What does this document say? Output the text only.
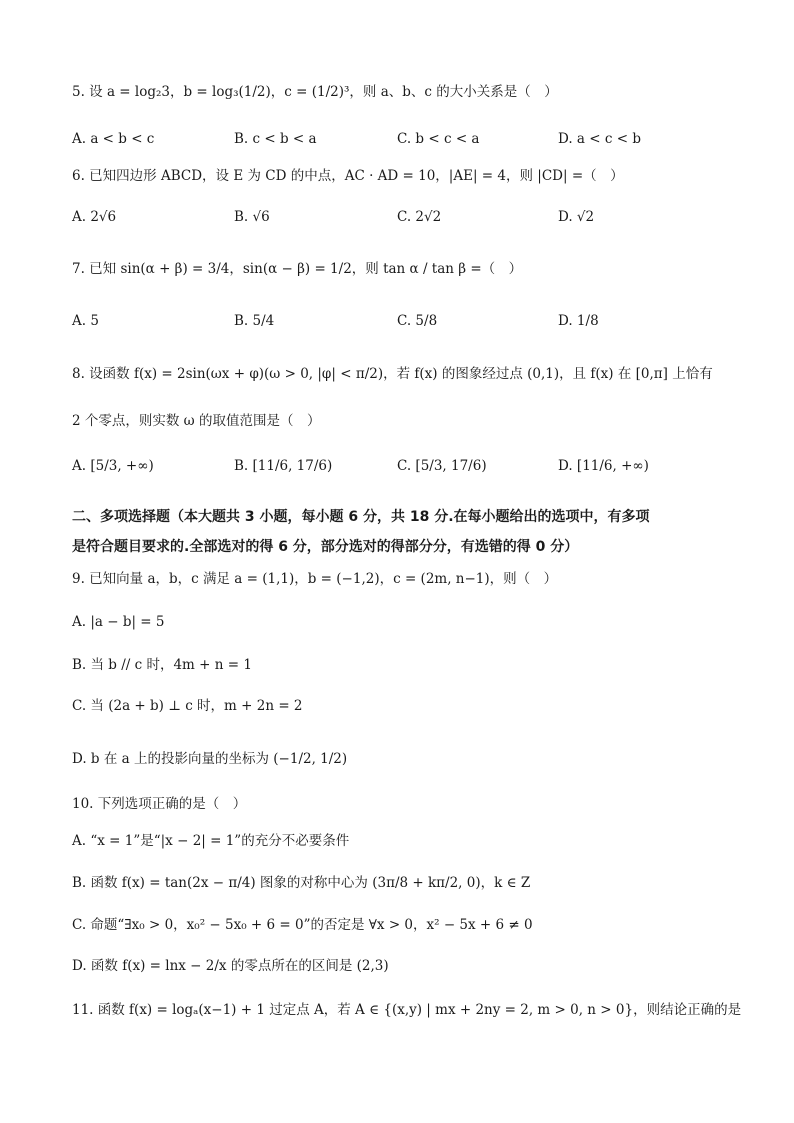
5. 设 a = log₂3，b = log₃(1/2)，c = (1/2)³，则 a、b、c 的大小关系是（　）
A. a < b < c	B. c < b < a	C. b < c < a	D. a < c < b
6. 已知四边形 ABCD，设 E 为 CD 的中点，AC · AD = 10，|AE| = 4，则 |CD| =（　）
A. 2√6	B. √6	C. 2√2	D. √2
7. 已知 sin(α + β) = 3/4，sin(α − β) = 1/2，则 tan α / tan β =（　）
A. 5	B. 5/4	C. 5/8	D. 1/8
8. 设函数 f(x) = 2sin(ωx + φ)(ω > 0, |φ| < π/2)，若 f(x) 的图象经过点 (0,1)，且 f(x) 在 [0,π] 上恰有
2 个零点，则实数 ω 的取值范围是（　）
A. [5/3, +∞)	B. [11/6, 17/6)	C. [5/3, 17/6)	D. [11/6, +∞)
二、多项选择题（本大题共 3 小题，每小题 6 分，共 18 分.在每小题给出的选项中，有多项
是符合题目要求的.全部选对的得 6 分，部分选对的得部分分，有选错的得 0 分）
9. 已知向量 a，b，c 满足 a = (1,1)，b = (−1,2)，c = (2m, n−1)，则（　）
A. |a − b| = 5
B. 当 b // c 时，4m + n = 1
C. 当 (2a + b) ⊥ c 时，m + 2n = 2
D. b 在 a 上的投影向量的坐标为 (−1/2, 1/2)
10. 下列选项正确的是（　）
A. “x = 1”是“|x − 2| = 1”的充分不必要条件
B. 函数 f(x) = tan(2x − π/4) 图象的对称中心为 (3π/8 + kπ/2, 0)，k ∈ Z
C. 命题“∃x₀ > 0，x₀² − 5x₀ + 6 = 0”的否定是 ∀x > 0，x² − 5x + 6 ≠ 0
D. 函数 f(x) = lnx − 2/x 的零点所在的区间是 (2,3)
11. 函数 f(x) = logₐ(x−1) + 1 过定点 A，若 A ∈ {(x,y) | mx + 2ny = 2, m > 0, n > 0}，则结论正确的是
